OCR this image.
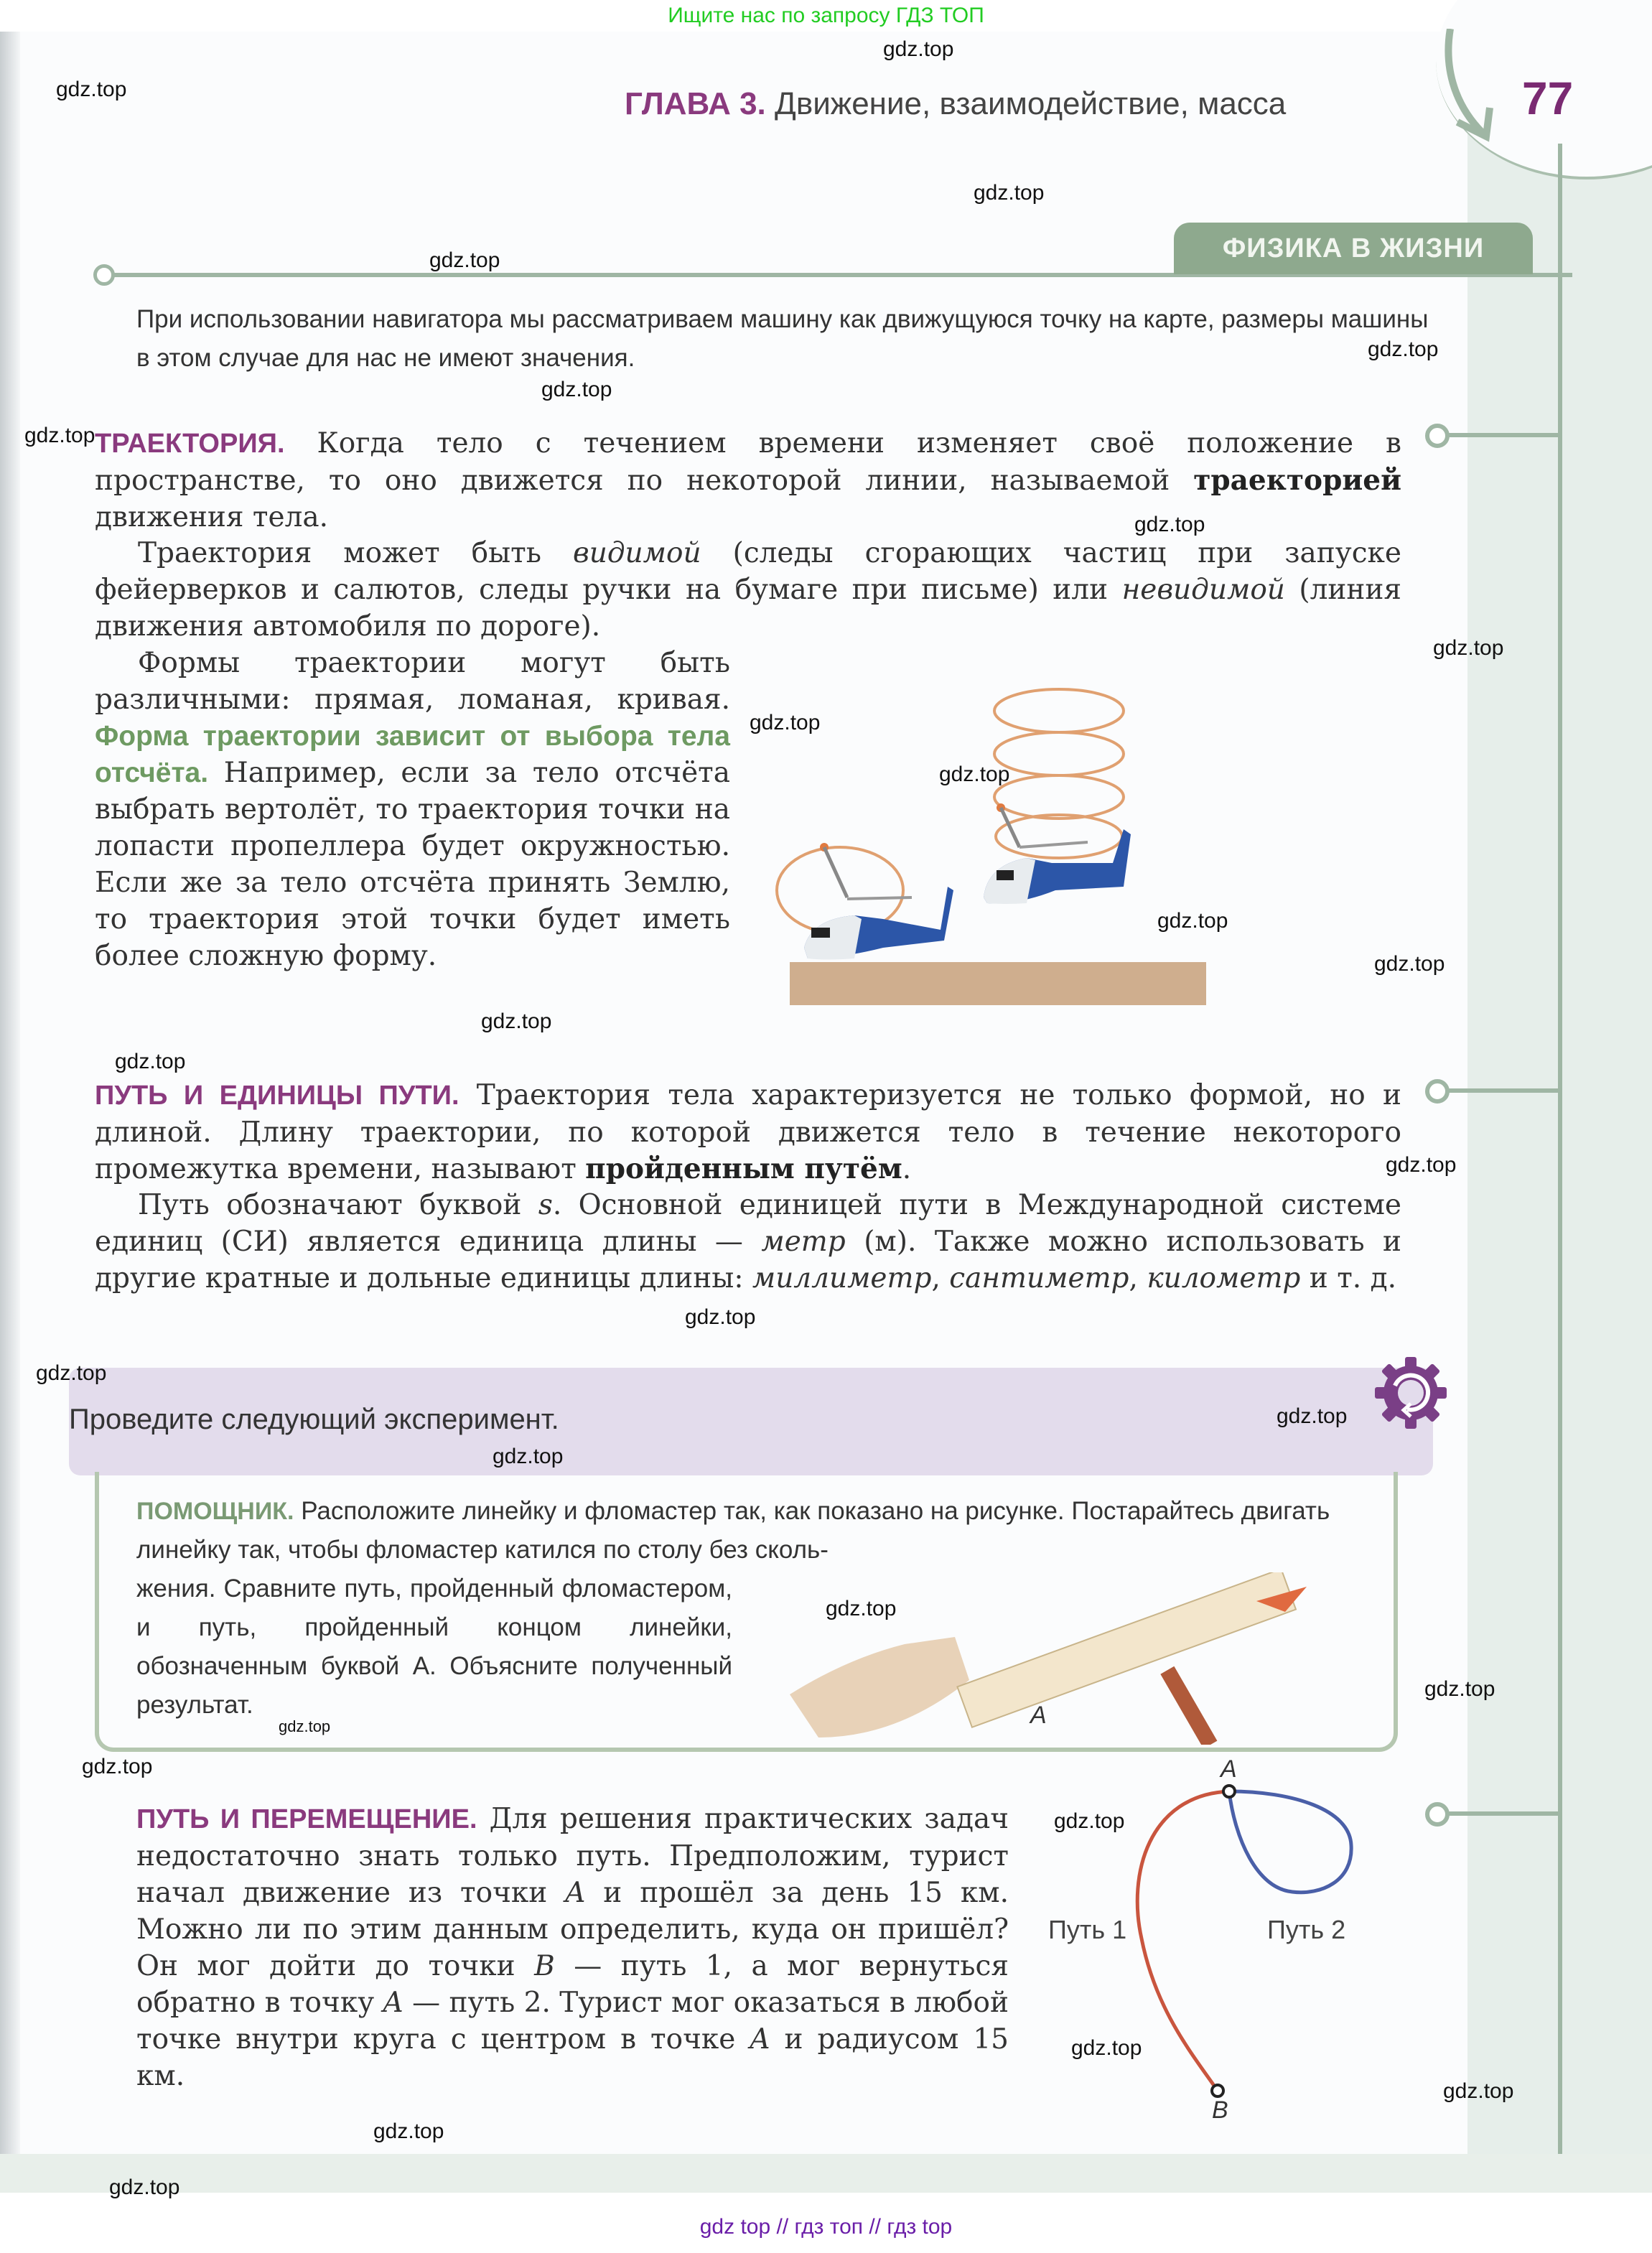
Ищите нас по запросу ГДЗ ТОП
ГЛАВА 3. Движение, взаимодействие, масса	77
ФИЗИКА В ЖИЗНИ
При использовании навигатора мы рассматриваем машину как движущуюся точку на карте, размеры машины в этом случае для нас не имеют значения.
ТРАЕКТОРИЯ. Когда тело с течением времени изменяет своё положение в пространстве, то оно движется по некоторой линии, называемой траекторией движения тела.
Траектория может быть видимой (следы сгорающих частиц при запуске фейерверков и салютов, следы ручки на бумаге при письме) или невидимой (линия движения автомобиля по дороге).
Формы траектории могут быть различными: прямая, ломаная, кривая. Форма траектории зависит от выбора тела отсчёта. Например, если за тело отсчёта выбрать вертолёт, то траектория точки на лопасти пропеллера будет окружностью. Если же за тело отсчёта принять Землю, то траектория этой точки будет иметь более сложную форму.
ПУТЬ И ЕДИНИЦЫ ПУТИ. Траектория тела характеризуется не только формой, но и длиной. Длину траектории, по которой движется тело в течение некоторого промежутка времени, называют пройденным путём.
Путь обозначают буквой s. Основной единицей пути в Международной системе единиц (СИ) является единица длины — метр (м). Также можно использовать и другие кратные и дольные единицы длины: миллиметр, сантиметр, километр и т. д.
Проведите следующий эксперимент.
ПОМОЩНИК. Расположите линейку и фломастер так, как показано на рисунке. Постарайтесь двигать линейку так, чтобы фломастер катился по столу без сколь-
жения. Сравните путь, пройденный фломастером, и путь, пройденный концом линейки, обозначенным буквой А. Объясните полученный результат.	A
ПУТЬ И ПЕРЕМЕЩЕНИЕ. Для решения практических задач недостаточно знать только путь. Предположим, турист начал движение из точки A и прошёл за день 15 км. Можно ли по этим данным определить, куда он пришёл? Он мог дойти до точки B — путь 1, а мог вернуться обратно в точку A — путь 2. Турист мог оказаться в любой точке внутри круга с центром в точке A и радиусом 15 км.
A
B
Путь 1	Путь 2
gdz.top
gdz.top
gdz.top
gdz.top
gdz.top
gdz.top
gdz.top
gdz.top
gdz.top
gdz.top
gdz.top
gdz.top
gdz.top
gdz.top
gdz.top
gdz.top
gdz.top
gdz.top
gdz.top
gdz.top
gdz.top
gdz.top
gdz.top
gdz.top
gdz.top
gdz.top
gdz.top
gdz.top
gdz.top
gdz top // гдз топ // гдз top
